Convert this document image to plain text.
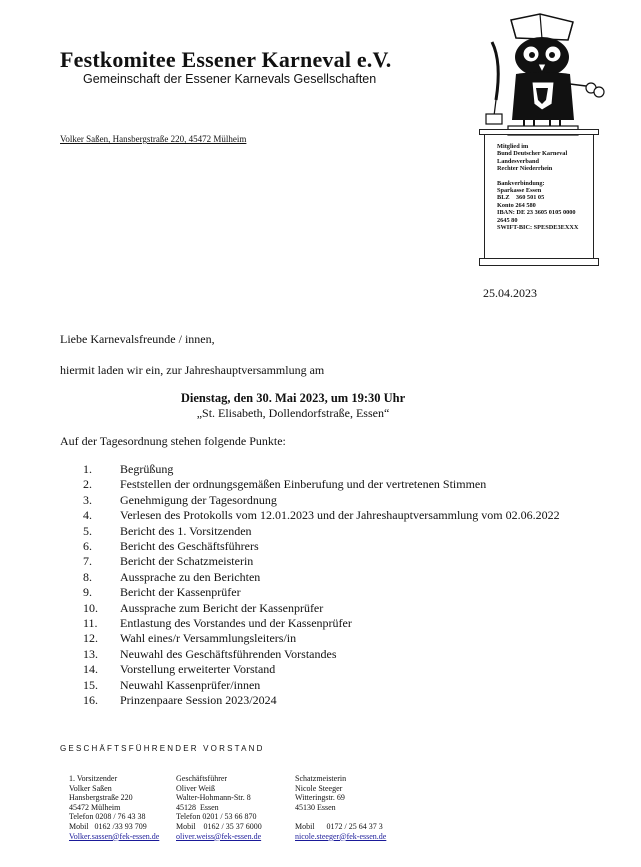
Festkomitee Essener Karneval e.V.
Gemeinschaft der Essener Karnevals Gesellschaften
Volker Saßen, Hansbergstraße 220, 45472 Mülheim
Mitglied im
Bund Deutscher Karneval
Landesverband
Rechter Niederrhein
Bankverbindung:
Sparkasse Essen
BLZ    360 501 05
Konto 264 580
IBAN: DE 23 3605 0105 0000
2645 80
SWIFT-BIC: SPESDE3EXXX
25.04.2023
Liebe Karnevalsfreunde / innen,
hiermit laden wir ein, zur Jahreshauptversammlung am
Dienstag, den 30. Mai 2023, um 19:30 Uhr
„St. Elisabeth, Dollendorfstraße, Essen“
Auf der Tagesordnung stehen folgende Punkte:
1.	Begrüßung
2.	Feststellen der ordnungsgemäßen Einberufung und der vertretenen Stimmen
3.	Genehmigung der Tagesordnung
4.	Verlesen des Protokolls vom 12.01.2023 und der Jahreshauptversammlung vom 02.06.2022
5.	Bericht des 1. Vorsitzenden
6.	Bericht des Geschäftsführers
7.	Bericht der Schatzmeisterin
8.	Aussprache zu den Berichten
9.	Bericht der Kassenprüfer
10.	Aussprache zum Bericht der Kassenprüfer
11.	Entlastung des Vorstandes und der Kassenprüfer
12.	Wahl eines/r Versammlungsleiters/in
13.	Neuwahl des Geschäftsführenden Vorstandes
14.	Vorstellung erweiterter Vorstand
15.	Neuwahl Kassenprüfer/innen
16.	Prinzenpaare Session 2023/2024
GESCHÄFTSFÜHRENDER VORSTAND
1. Vorsitzender
Volker Saßen
Hansbergstraße 220
45472 Mülheim
Telefon 0208 / 76 43 38
Mobil   0162 /33 93 709
Volker.sassen@fek-essen.de
Geschäftsführer
Oliver Weiß
Walter-Hohmann-Str. 8
45128  Essen
Telefon 0201 / 53 66 870
Mobil    0162 / 35 37 6000
oliver.weiss@fek-essen.de
Schatzmeisterin
Nicole Steeger
Witteringstr. 69
45130 Essen
Mobil      0172 / 25 64 37 3
nicole.steeger@fek-essen.de
